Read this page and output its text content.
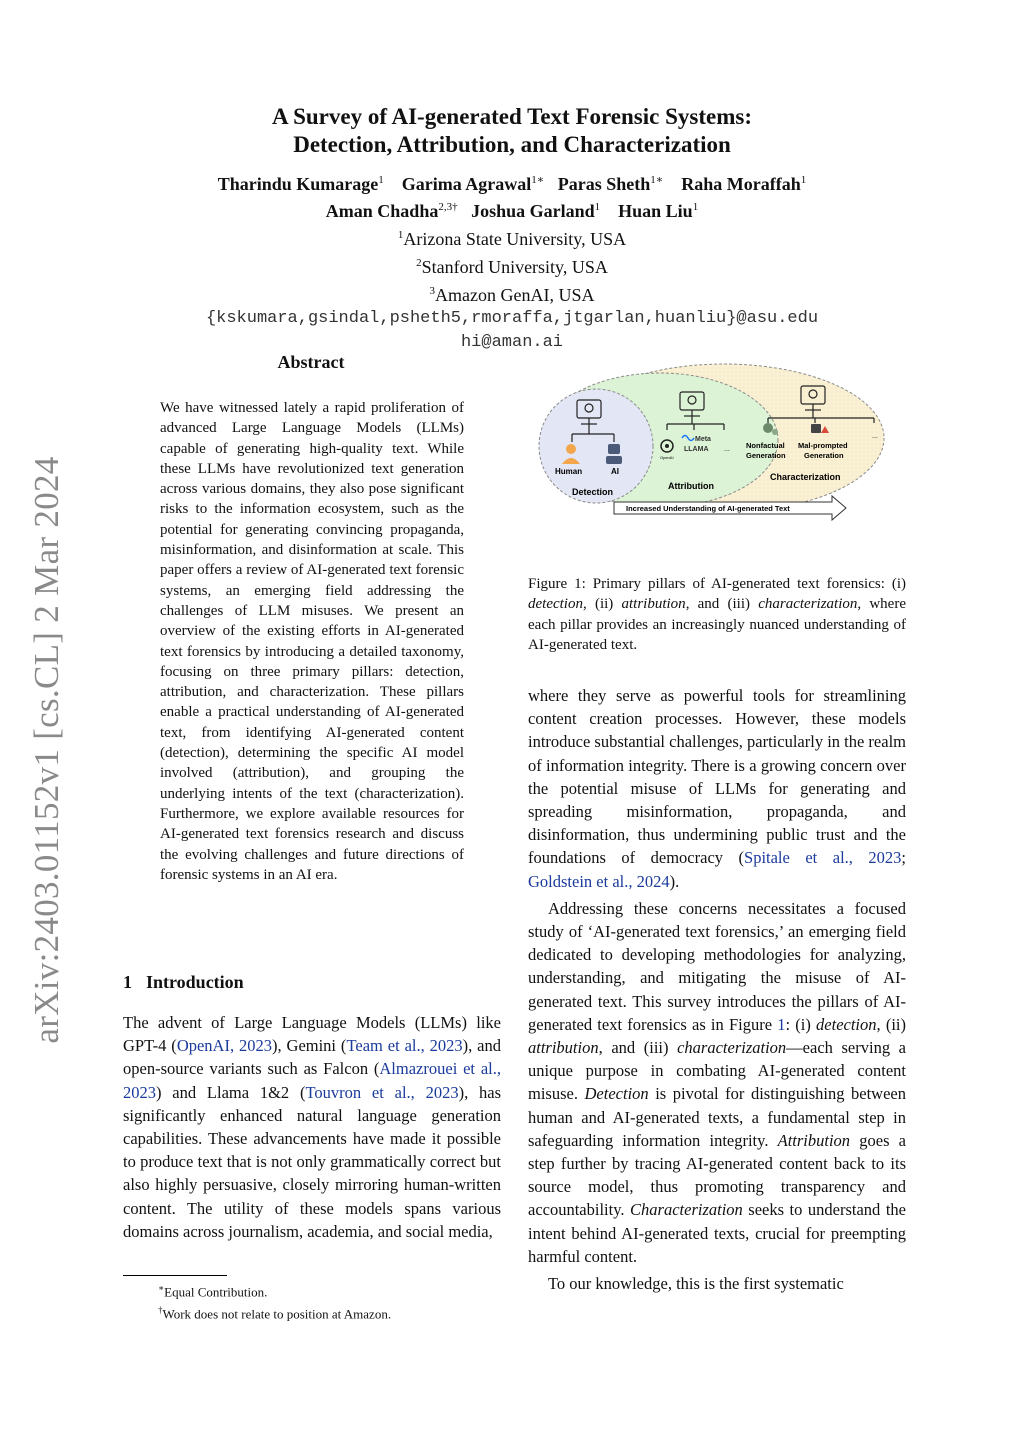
arXiv:2403.01152v1 [cs.CL] 2 Mar 2024
A Survey of AI-generated Text Forensic Systems:
Detection, Attribution, and Characterization
Tharindu Kumarage$^1$ Garima Agrawal$^{1∗}$ Paras Sheth$^{1∗}$ Raha Moraffah$^1$
Aman Chadha$^{2,3\dagger}$ Joshua Garland$^1$ Huan Liu$^1$
$^1$Arizona State University, USA
$^2$Stanford University, USA
$^3$Amazon GenAI, USA
{kskumara,gsindal,psheth5,rmoraffa,jtgarlan,huanliu}@asu.edu
hi@aman.ai
Abstract
We have witnessed lately a rapid proliferation of advanced Large Language Models (LLMs) capable of generating high-quality text. While these LLMs have revolutionized text generation across various domains, they also pose significant risks to the information ecosystem, such as the potential for generating convincing propaganda, misinformation, and disinformation at scale. This paper offers a review of AI-generated text forensic systems, an emerging field addressing the challenges of LLM misuses. We present an overview of the existing efforts in AI-generated text forensics by introducing a detailed taxonomy, focusing on three primary pillars: detection, attribution, and characterization. These pillars enable a practical understanding of AI-generated text, from identifying AI-generated content (detection), determining the specific AI model involved (attribution), and grouping the underlying intents of the text (characterization). Furthermore, we explore available resources for AI-generated text forensics research and discuss the evolving challenges and future directions of forensic systems in an AI era.
1 Introduction
The advent of Large Language Models (LLMs) like GPT-4 (OpenAI, 2023), Gemini (Team et al., 2023), and open-source variants such as Falcon (Almazrouei et al., 2023) and Llama 1&2 (Touvron et al., 2023), has significantly enhanced natural language generation capabilities. These advancements have made it possible to produce text that is not only grammatically correct but also highly persuasive, closely mirroring human-written content. The utility of these models spans various domains across journalism, academia, and social media,
∗Equal Contribution.
†Work does not relate to position at Amazon.
Human	AI
Detection
OpenAI
Meta
LLAMA ...
Attribution
...
Nonfactual
Generation
Mal-prompted
Generation
Characterization
Increased Understanding of AI-generated Text
Figure 1: Primary pillars of AI-generated text forensics: (i) detection, (ii) attribution, and (iii) characterization, where each pillar provides an increasingly nuanced understanding of AI-generated text.

where they serve as powerful tools for streamlining content creation processes. However, these models introduce substantial challenges, particularly in the realm of information integrity. There is a growing concern over the potential misuse of LLMs for generating and spreading misinformation, propaganda, and disinformation, thus undermining public trust and the foundations of democracy (Spitale et al., 2023; Goldstein et al., 2024).

Addressing these concerns necessitates a focused study of ‘AI-generated text forensics,’ an emerging field dedicated to developing methodologies for analyzing, understanding, and mitigating the misuse of AI-generated text. This survey introduces the pillars of AI-generated text forensics as in Figure 1: (i) detection, (ii) attribution, and (iii) characterization—each serving a unique purpose in combating AI-generated content misuse. Detection is pivotal for distinguishing between human and AI-generated texts, a fundamental step in safeguarding information integrity. Attribution goes a step further by tracing AI-generated content back to its source model, thus promoting transparency and accountability. Characterization seeks to understand the intent behind AI-generated texts, crucial for preempting harmful content.

To our knowledge, this is the first systematic
